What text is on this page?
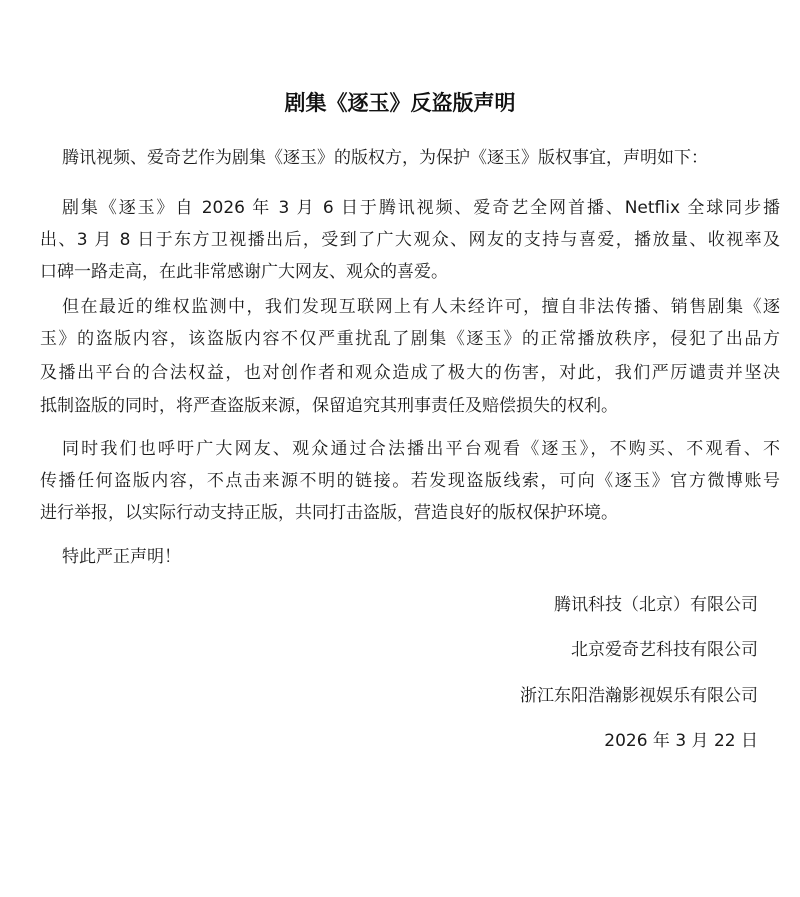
剧集《逐玉》反盗版声明
腾讯视频、爱奇艺作为剧集《逐玉》的版权方，为保护《逐玉》版权事宜，声明如下：
剧集《逐玉》自 2026 年 3 月 6 日于腾讯视频、爱奇艺全网首播、Netflix 全球同步播
出、3 月 8 日于东方卫视播出后，受到了广大观众、网友的支持与喜爱，播放量、收视率及
口碑一路走高，在此非常感谢广大网友、观众的喜爱。
但在最近的维权监测中，我们发现互联网上有人未经许可，擅自非法传播、销售剧集《逐
玉》的盗版内容，该盗版内容不仅严重扰乱了剧集《逐玉》的正常播放秩序，侵犯了出品方
及播出平台的合法权益，也对创作者和观众造成了极大的伤害，对此，我们严厉谴责并坚决
抵制盗版的同时，将严查盗版来源，保留追究其刑事责任及赔偿损失的权利。
同时我们也呼吁广大网友、观众通过合法播出平台观看《逐玉》，不购买、不观看、不
传播任何盗版内容，不点击来源不明的链接。若发现盗版线索，可向《逐玉》官方微博账号
进行举报，以实际行动支持正版，共同打击盗版，营造良好的版权保护环境。
特此严正声明！
腾讯科技（北京）有限公司
北京爱奇艺科技有限公司
浙江东阳浩瀚影视娱乐有限公司
2026 年 3 月 22 日
